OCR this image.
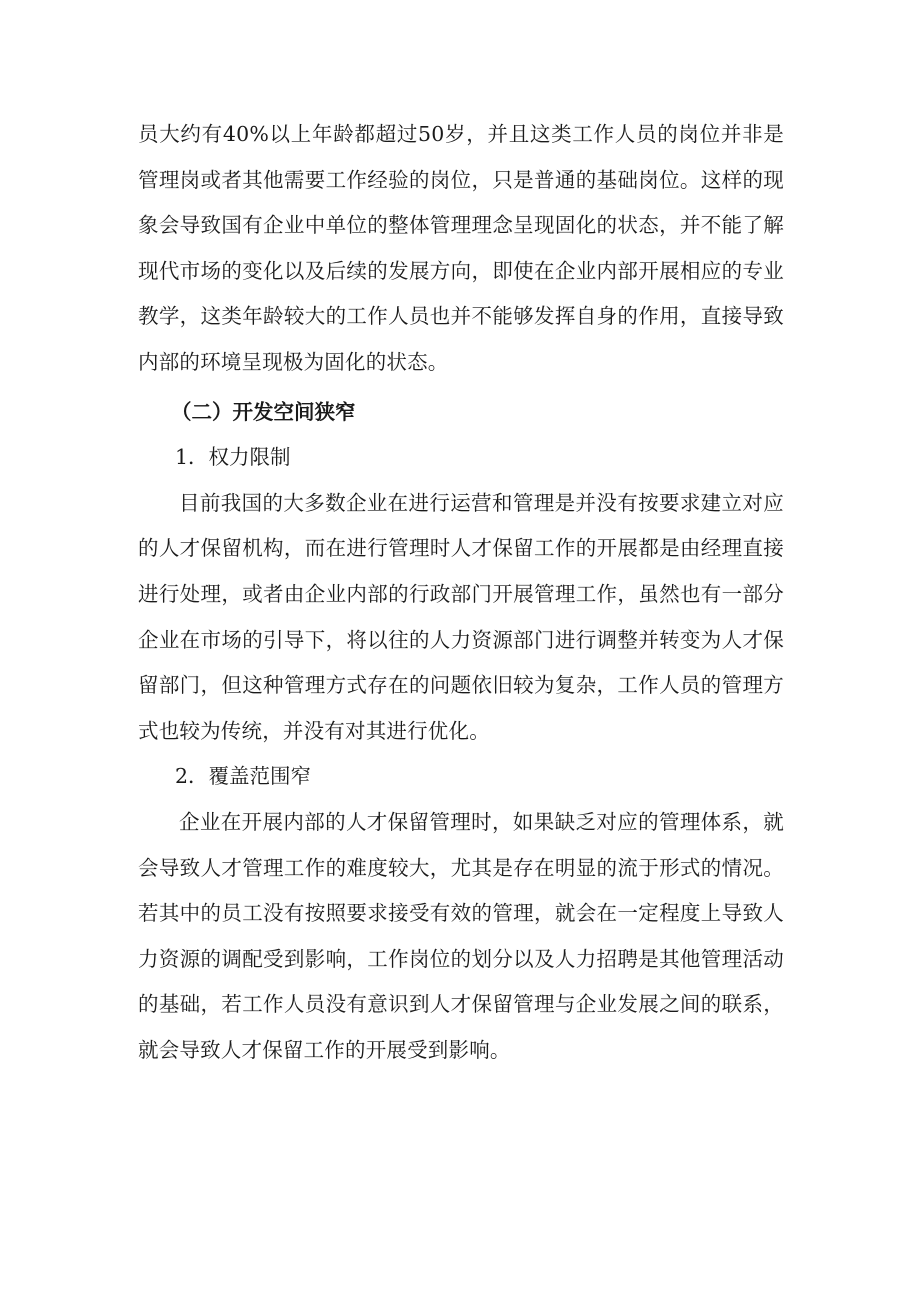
员大约有40%以上年龄都超过50岁，并且这类工作人员的岗位并非是管理岗或者其他需要工作经验的岗位，只是普通的基础岗位。这样的现象会导致国有企业中单位的整体管理理念呈现固化的状态，并不能了解现代市场的变化以及后续的发展方向，即使在企业内部开展相应的专业教学，这类年龄较大的工作人员也并不能够发挥自身的作用，直接导致内部的环境呈现极为固化的状态。

（二）开发空间狭窄

1．权力限制

目前我国的大多数企业在进行运营和管理是并没有按要求建立对应的人才保留机构，而在进行管理时人才保留工作的开展都是由经理直接进行处理，或者由企业内部的行政部门开展管理工作，虽然也有一部分企业在市场的引导下，将以往的人力资源部门进行调整并转变为人才保留部门，但这种管理方式存在的问题依旧较为复杂，工作人员的管理方式也较为传统，并没有对其进行优化。

2．覆盖范围窄

企业在开展内部的人才保留管理时，如果缺乏对应的管理体系，就会导致人才管理工作的难度较大，尤其是存在明显的流于形式的情况。若其中的员工没有按照要求接受有效的管理，就会在一定程度上导致人力资源的调配受到影响，工作岗位的划分以及人力招聘是其他管理活动的基础，若工作人员没有意识到人才保留管理与企业发展之间的联系，就会导致人才保留工作的开展受到影响。
